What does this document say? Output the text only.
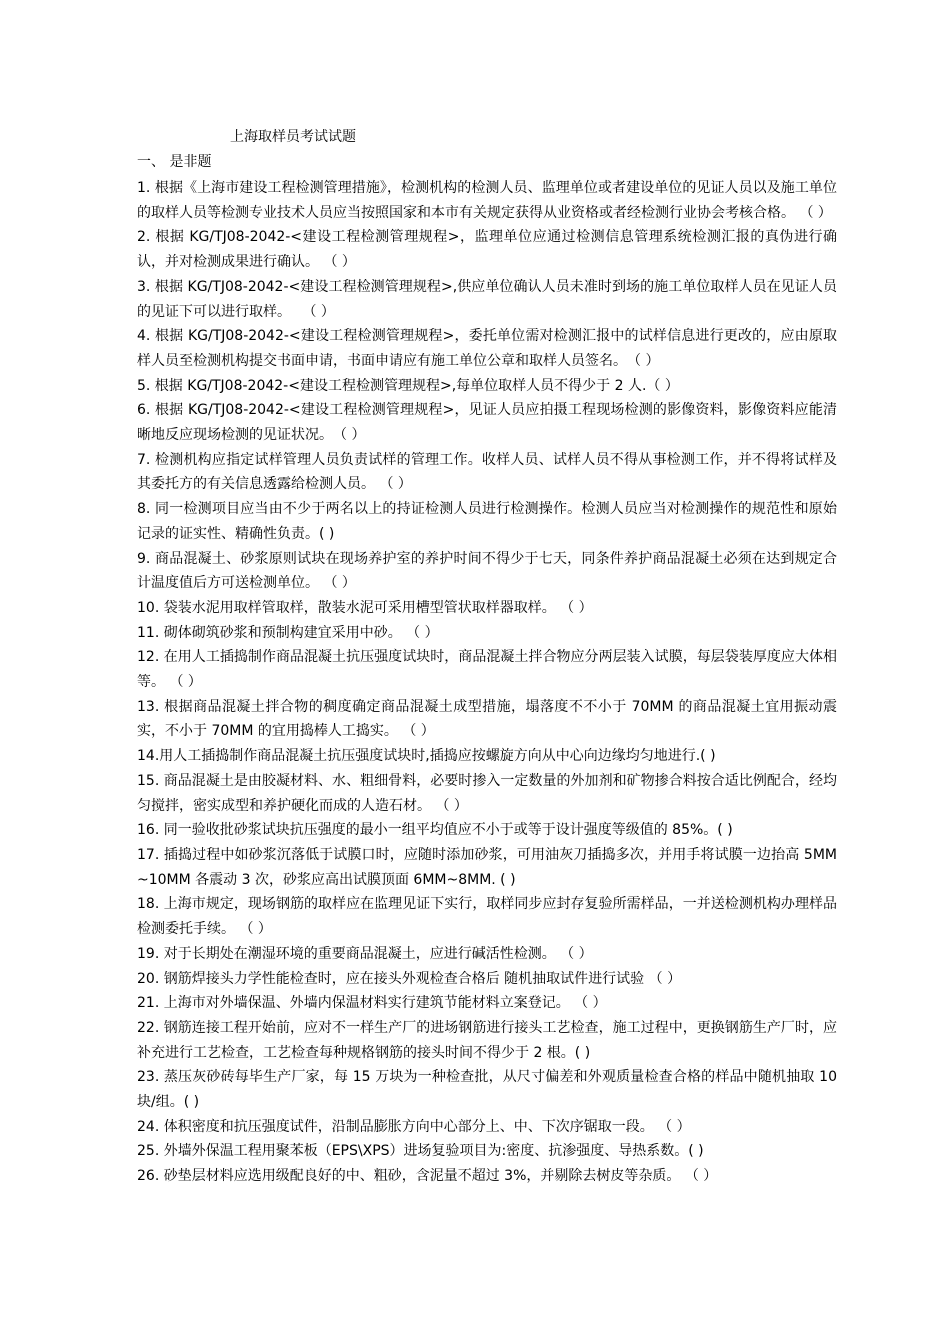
上海取样员考试试题
一、 是非题
1. 根据《上海市建设工程检测管理措施》，检测机构的检测人员、监理单位或者建设单位的见证人员以及施工单位的取样人员等检测专业技术人员应当按照国家和本市有关规定获得从业资格或者经检测行业协会考核合格。 （ ）
2. 根据 KG/TJ08-2042-<建设工程检测管理规程>，监理单位应通过检测信息管理系统检测汇报的真伪进行确认，并对检测成果进行确认。 （ ）
3. 根据 KG/TJ08-2042-<建设工程检测管理规程>,供应单位确认人员未准时到场的施工单位取样人员在见证人员的见证下可以进行取样。　 （ ）
4. 根据 KG/TJ08-2042-<建设工程检测管理规程>，委托单位需对检测汇报中的试样信息进行更改的，应由原取样人员至检测机构提交书面申请，书面申请应有施工单位公章和取样人员签名。　（ ）
5. 根据 KG/TJ08-2042-<建设工程检测管理规程>,每单位取样人员不得少于 2 人.（ ）
6. 根据 KG/TJ08-2042-<建设工程检测管理规程>，见证人员应拍摄工程现场检测的影像资料，影像资料应能清晰地反应现场检测的见证状况。　（ ）
7. 检测机构应指定试样管理人员负责试样的管理工作。收样人员、试样人员不得从事检测工作，并不得将试样及其委托方的有关信息透露给检测人员。 （ ）
8. 同一检测项目应当由不少于两名以上的持证检测人员进行检测操作。检测人员应当对检测操作的规范性和原始记录的证实性、精确性负责。( )
9. 商品混凝土、砂浆原则试块在现场养护室的养护时间不得少于七天，同条件养护商品混凝土必须在达到规定合计温度值后方可送检测单位。 （ ）
10. 袋装水泥用取样管取样，散装水泥可采用槽型管状取样器取样。 （ ）
11. 砌体砌筑砂浆和预制构建宜采用中砂。 （ ）
12. 在用人工插捣制作商品混凝土抗压强度试块时，商品混凝土拌合物应分两层装入试膜，每层袋装厚度应大体相等。 （ ）
13. 根据商品混凝土拌合物的稠度确定商品混凝土成型措施，塌落度不不小于 70MM 的商品混凝土宜用振动震实，不小于 70MM 的宜用捣棒人工捣实。 （ ）
14.用人工插捣制作商品混凝土抗压强度试块时,插捣应按螺旋方向从中心向边缘均匀地进行.( )
15. 商品混凝土是由胶凝材料、水、粗细骨料，必要时掺入一定数量的外加剂和矿物掺合料按合适比例配合，经均匀搅拌，密实成型和养护硬化而成的人造石材。 （ ）
16. 同一验收批砂浆试块抗压强度的最小一组平均值应不小于或等于设计强度等级值的 85%。( )
17. 插捣过程中如砂浆沉落低于试膜口时，应随时添加砂浆，可用油灰刀插捣多次，并用手将试膜一边抬高 5MM~10MM 各震动 3 次，砂浆应高出试膜顶面 6MM~8MM. ( )
18. 上海市规定，现场钢筋的取样应在监理见证下实行，取样同步应封存复验所需样品，一并送检测机构办理样品检测委托手续。 （ ）
19. 对于长期处在潮湿环境的重要商品混凝土，应进行碱活性检测。 （ ）
20. 钢筋焊接头力学性能检查时，应在接头外观检查合格后 随机抽取试件进行试验 （ ）
21. 上海市对外墙保温、外墙内保温材料实行建筑节能材料立案登记。 （ ）
22. 钢筋连接工程开始前，应对不一样生产厂的进场钢筋进行接头工艺检查，施工过程中，更换钢筋生产厂时，应补充进行工艺检查，工艺检查每种规格钢筋的接头时间不得少于 2 根。( )
23. 蒸压灰砂砖每毕生产厂家，每 15 万块为一种检查批，从尺寸偏差和外观质量检查合格的样品中随机抽取 10 块/组。( )
24. 体积密度和抗压强度试件，沿制品膨胀方向中心部分上、中、下次序锯取一段。 （ ）
25. 外墙外保温工程用聚苯板（EPS\XPS）进场复验项目为:密度、抗渗强度、导热系数。( )
26. 砂垫层材料应选用级配良好的中、粗砂，含泥量不超过 3%，并剔除去树皮等杂质。 （ ）
